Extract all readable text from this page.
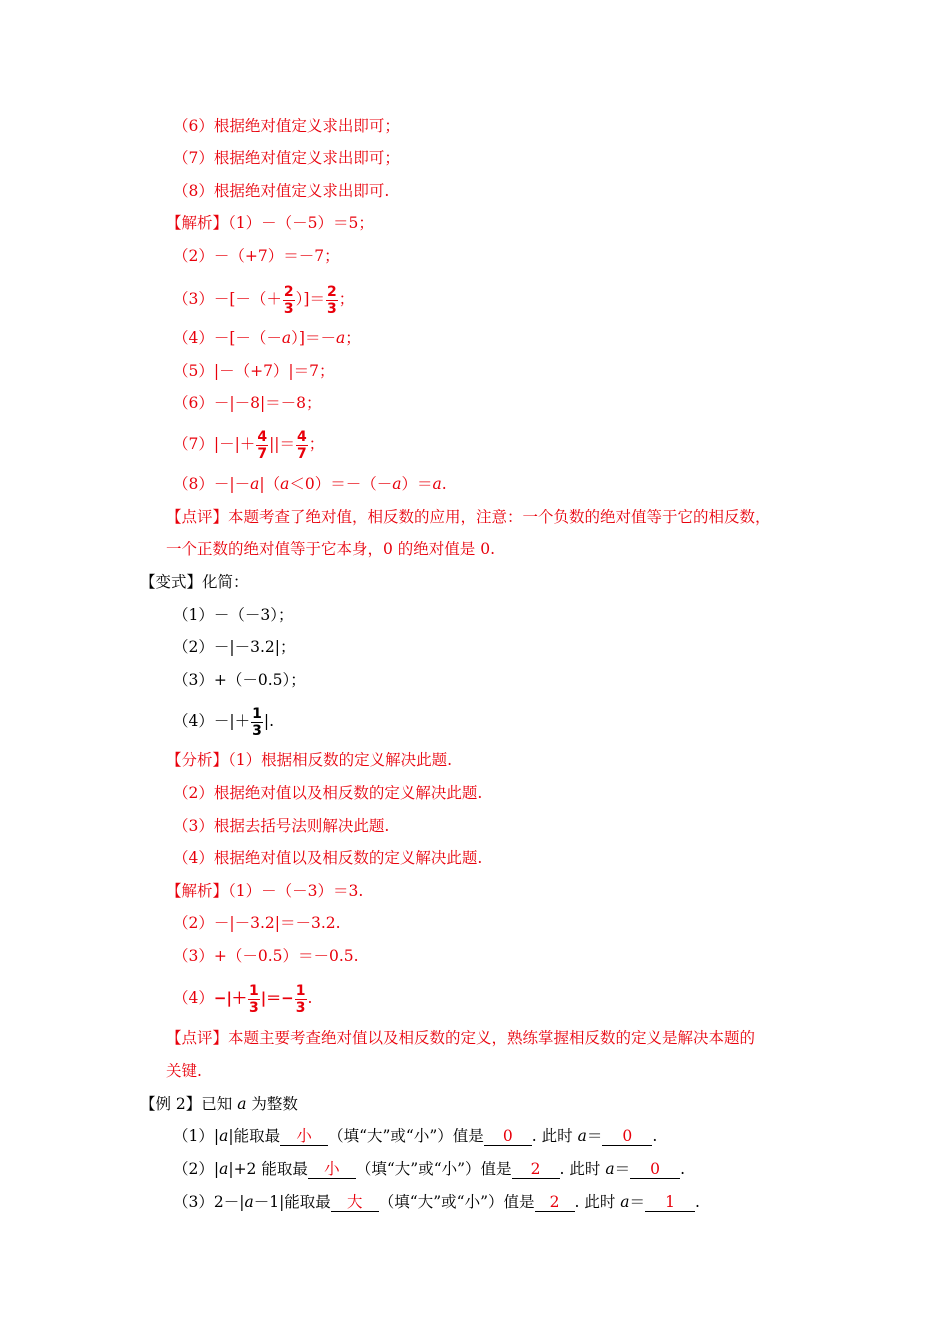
（6）根据绝对值定义求出即可；
（7）根据绝对值定义求出即可；
（8）根据绝对值定义求出即可.
【解析】（1）－（－5）＝5；
（2）－（+7）＝－7；
$(3)-[-(+ \frac{2}{3}$ ）]＝ $\frac{2}{3}$ ；
（4）－[－（－a）]＝－a；
（5）|－（+7）|＝7；
（6）－|－8|＝－8；
$(7)|-|+ \frac{4}{7}$ ||＝ $\frac{4}{7}$ ；
（8）－|－a|（a＜0）＝－（－a）＝a.
【点评】本题考查了绝对值，相反数的应用，注意：一个负数的绝对值等于它的相反数，
一个正数的绝对值等于它本身，0 的绝对值是 0.
【变式】化简：
（1）－（－3）；
（2）－|－3.2|；
（3）+（－0.5）；
$(4)-|+ \frac{1}{3}$ |.
【分析】（1）根据相反数的定义解决此题.
（2）根据绝对值以及相反数的定义解决此题.
（3）根据去括号法则解决此题.
（4）根据绝对值以及相反数的定义解决此题.
【解析】（1）－（－3）＝3.
（2）－|－3.2|＝－3.2.
（3）+（－0.5）＝－0.5.
$(4)-|+ \frac{1}{3}$ |＝− $\frac{1}{3}$ .
【点评】本题主要考查绝对值以及相反数的定义，熟练掌握相反数的定义是解决本题的
关键.
【例 2】已知 a 为整数
（1）|a|能取最 小 （填“大”或“小”）值是 0 . 此时 a＝ 0 .
（2）|a|+2 能取最 小 （填“大”或“小”）值是 2 . 此时 a＝ 0 .
（3）2－|a－1|能取最 大 （填“大”或“小”）值是 2 . 此时 a＝ 1 .
